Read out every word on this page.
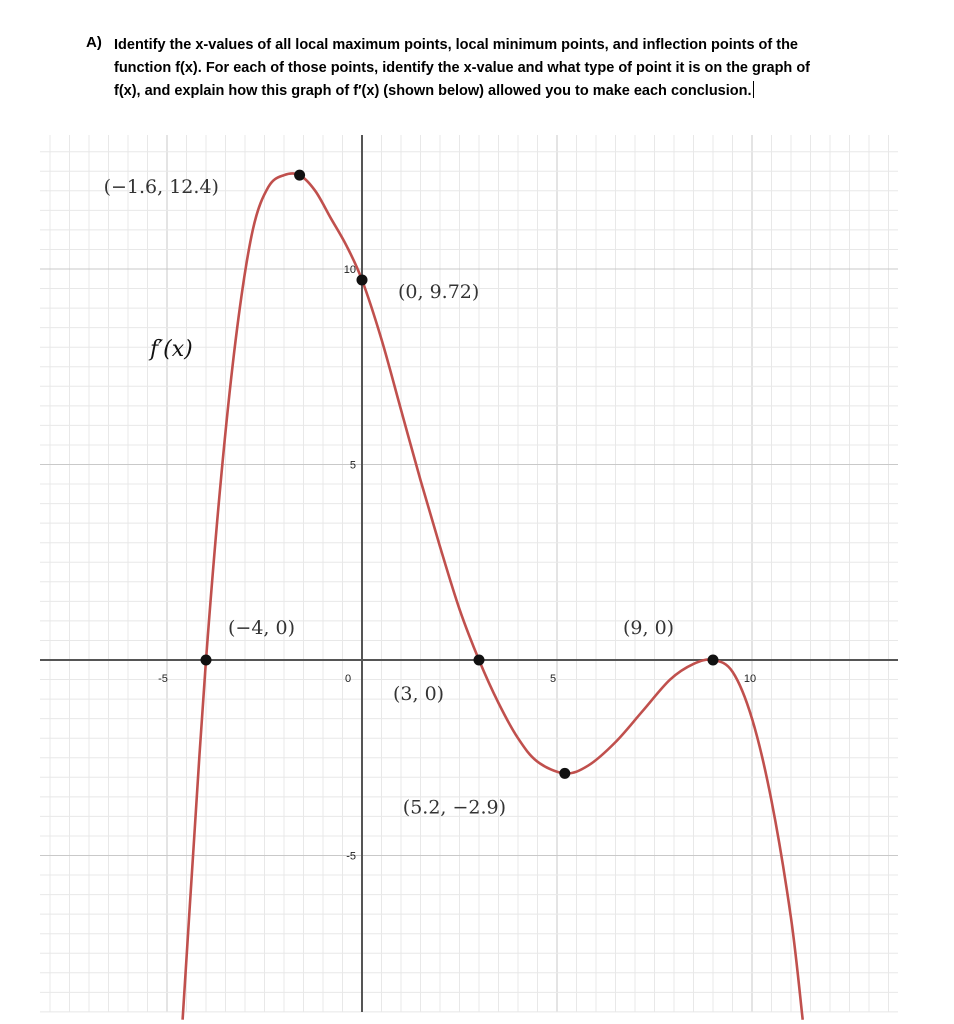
A) Identify the x-values of all local maximum points, local minimum points, and inflection points of the
function f(x). For each of those points, identify the x-value and what type of point it is on the graph of
f(x), and explain how this graph of f′(x) (shown below) allowed you to make each conclusion.
-5	0	5	10
10
5
-5
(−1.6, 12.4)
(0, 9.72)
(−4, 0)
(3, 0)
(5.2, −2.9)
(9, 0)
f′(x)
